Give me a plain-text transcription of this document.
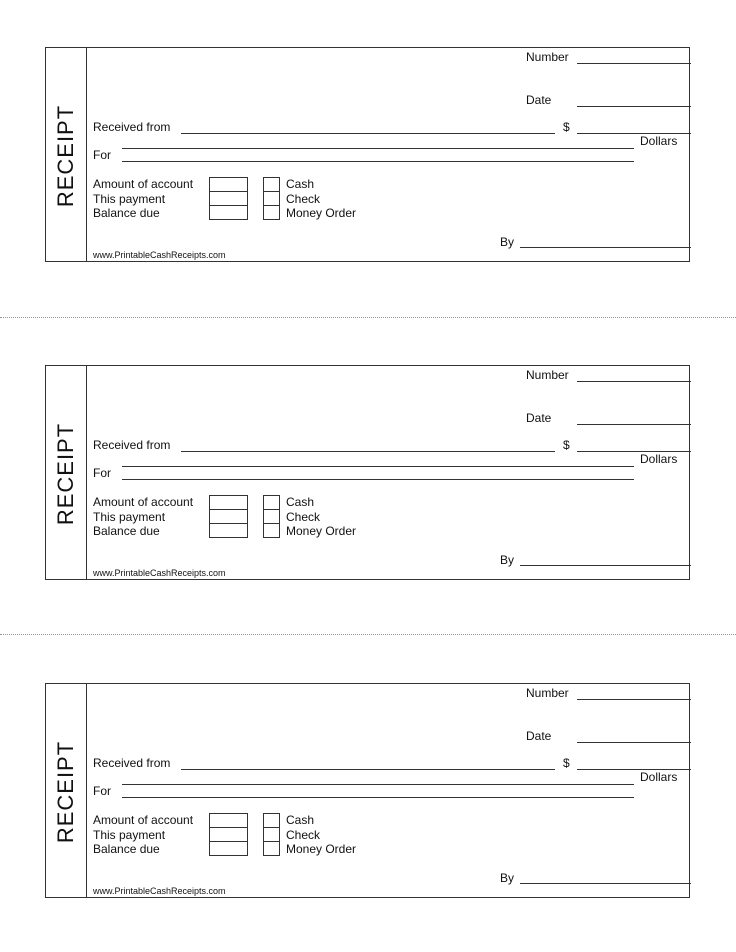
RECEIPT
Number
Date
Received from	$
Dollars
For
Amount of account
This payment
Balance due
Cash
Check
Money Order
By
www.PrintableCashReceipts.com
RECEIPT
Number
Date
Received from	$
Dollars
For
Amount of account
This payment
Balance due
Cash
Check
Money Order
By
www.PrintableCashReceipts.com
RECEIPT
Number
Date
Received from	$
Dollars
For
Amount of account
This payment
Balance due
Cash
Check
Money Order
By
www.PrintableCashReceipts.com
